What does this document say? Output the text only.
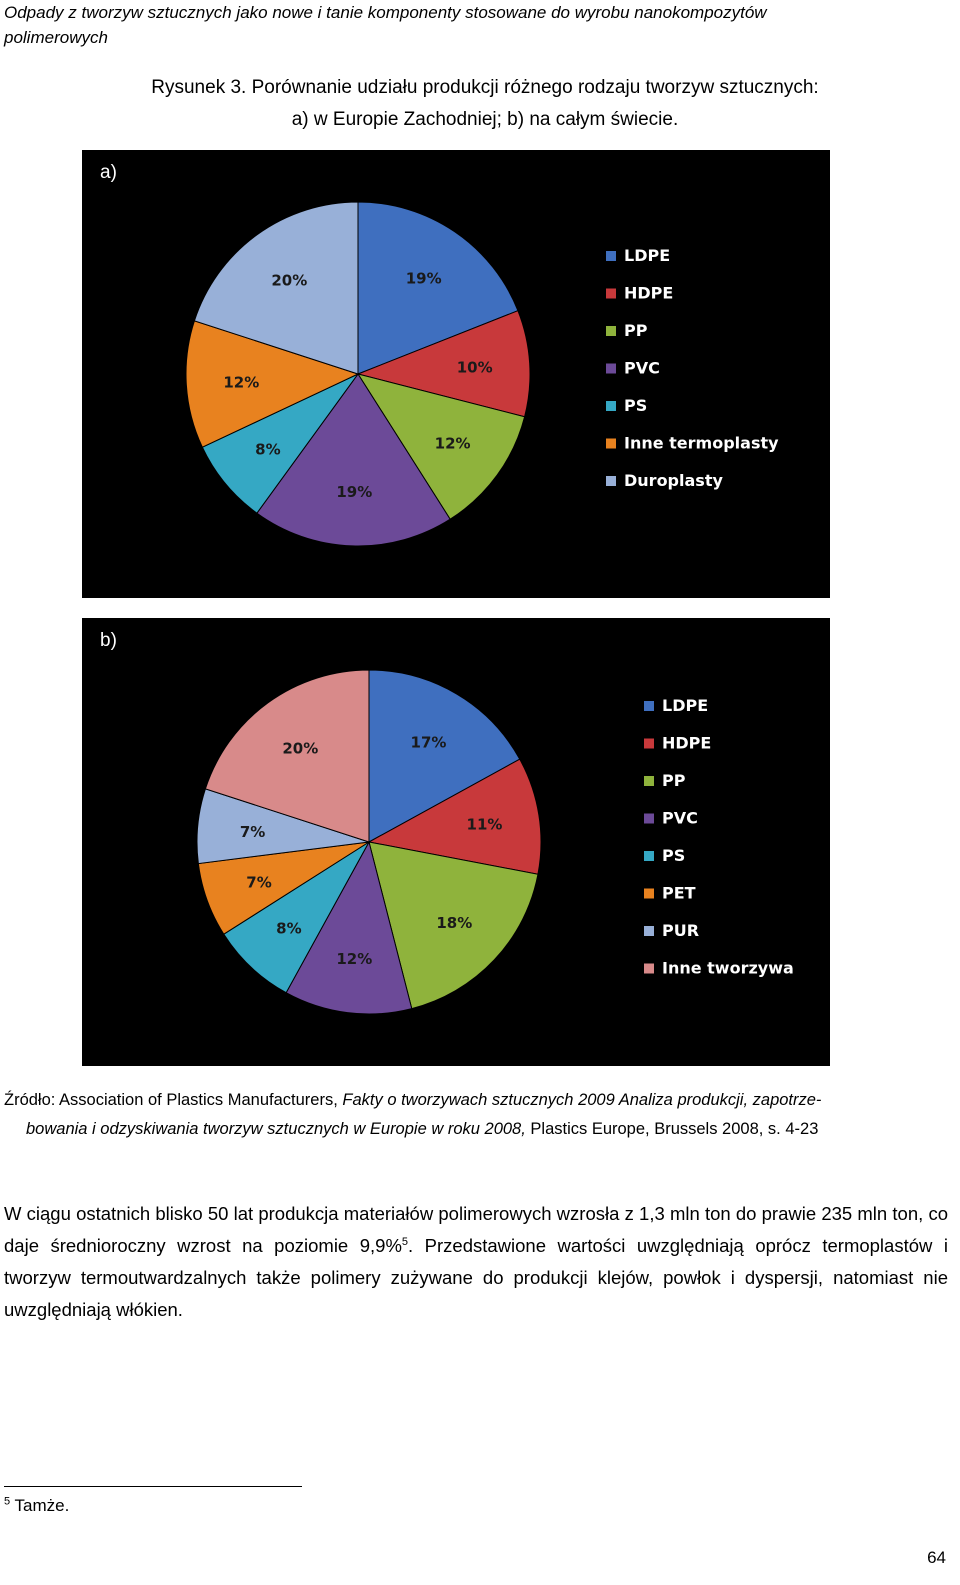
Odpady z tworzyw sztucznych jako nowe i tanie komponenty stosowane do wyrobu nanokompozytów
polimerowych
Rysunek 3. Porównanie udziału produkcji różnego rodzaju tworzyw sztucznych:
a) w Europie Zachodniej; b) na całym świecie.
a)
19%
10%
12%
19%
8%
12%
20%
LDPE
HDPE
PP
PVC
PS
Inne termoplasty
Duroplasty
b)
17%
11%
18%
12%
8%
7%
7%
20%
LDPE
HDPE
PP
PVC
PS
PET
PUR
Inne tworzywa
Źródło: Association of Plastics Manufacturers, Fakty o tworzywach sztucznych 2009 Analiza produkcji, zapotrze-
bowania i odzyskiwania tworzyw sztucznych w Europie w roku 2008, Plastics Europe, Brussels 2008, s. 4-23

W ciągu ostatnich blisko 50 lat produkcja materiałów polimerowych wzrosła z 1,3 mln ton do prawie 235 mln ton, co daje średnioroczny wzrost na poziomie 9,9%$^5$. Przedstawione wartości uwzględniają oprócz termoplastów i tworzyw termoutwardzalnych także polimery zużywane do produkcji klejów, powłok i dyspersji, natomiast nie uwzględniają włókien.

$^5$ Tamże.
64
